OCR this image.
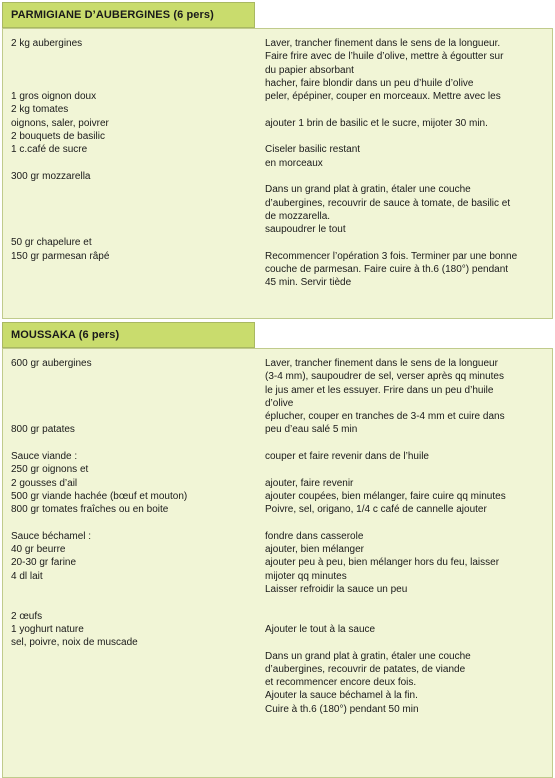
PARMIGIANE D’AUBERGINES (6 pers)
2 kg aubergines
1 gros oignon doux
2 kg tomates
oignons, saler, poivrer
2 bouquets de basilic
1 c.café de sucre
300 gr mozzarella
50 gr chapelure et
150 gr parmesan râpé
Laver, trancher finement dans le sens de la longueur.
Faire frire avec de l’huile d’olive, mettre à égoutter sur
du papier absorbant
hacher, faire blondir dans un peu d’huile d’olive
peler, épépiner, couper en morceaux. Mettre avec les
ajouter 1 brin de basilic et le sucre, mijoter 30 min.
Ciseler basilic restant
en morceaux
Dans un grand plat à gratin, étaler une couche
d’aubergines, recouvrir de sauce à tomate, de basilic et
de mozzarella.
saupoudrer le tout
Recommencer l’opération 3 fois. Terminer par une bonne
couche de parmesan. Faire cuire à th.6 (180°) pendant
45 min. Servir tiède
MOUSSAKA (6 pers)
600 gr aubergines
800 gr patates
Sauce viande :
250 gr oignons et
2 gousses d’ail
500 gr viande hachée (bœuf et mouton)
800 gr tomates fraîches ou en boite
Sauce béchamel :
40 gr beurre
20-30 gr farine
4 dl lait
2 œufs
1 yoghurt nature
sel, poivre, noix de muscade
Laver, trancher finement dans le sens de la longueur
(3-4 mm), saupoudrer de sel, verser après qq minutes
le jus amer et les essuyer. Frire dans un peu d’huile
d’olive
éplucher, couper en tranches de 3-4 mm et cuire dans
peu d’eau salé 5 min
couper et faire revenir dans de l’huile
ajouter, faire revenir
ajouter coupées, bien mélanger, faire cuire qq minutes
Poivre, sel, origano, 1/4 c café de cannelle ajouter
fondre dans casserole
ajouter, bien mélanger
ajouter peu à peu, bien mélanger hors du feu, laisser
mijoter qq minutes
Laisser refroidir la sauce un peu
Ajouter le tout à la sauce
Dans un grand plat à gratin, étaler une couche
d’aubergines, recouvrir de patates, de viande
et recommencer encore deux fois.
Ajouter la sauce béchamel à la fin.
Cuire à th.6 (180°) pendant 50 min
